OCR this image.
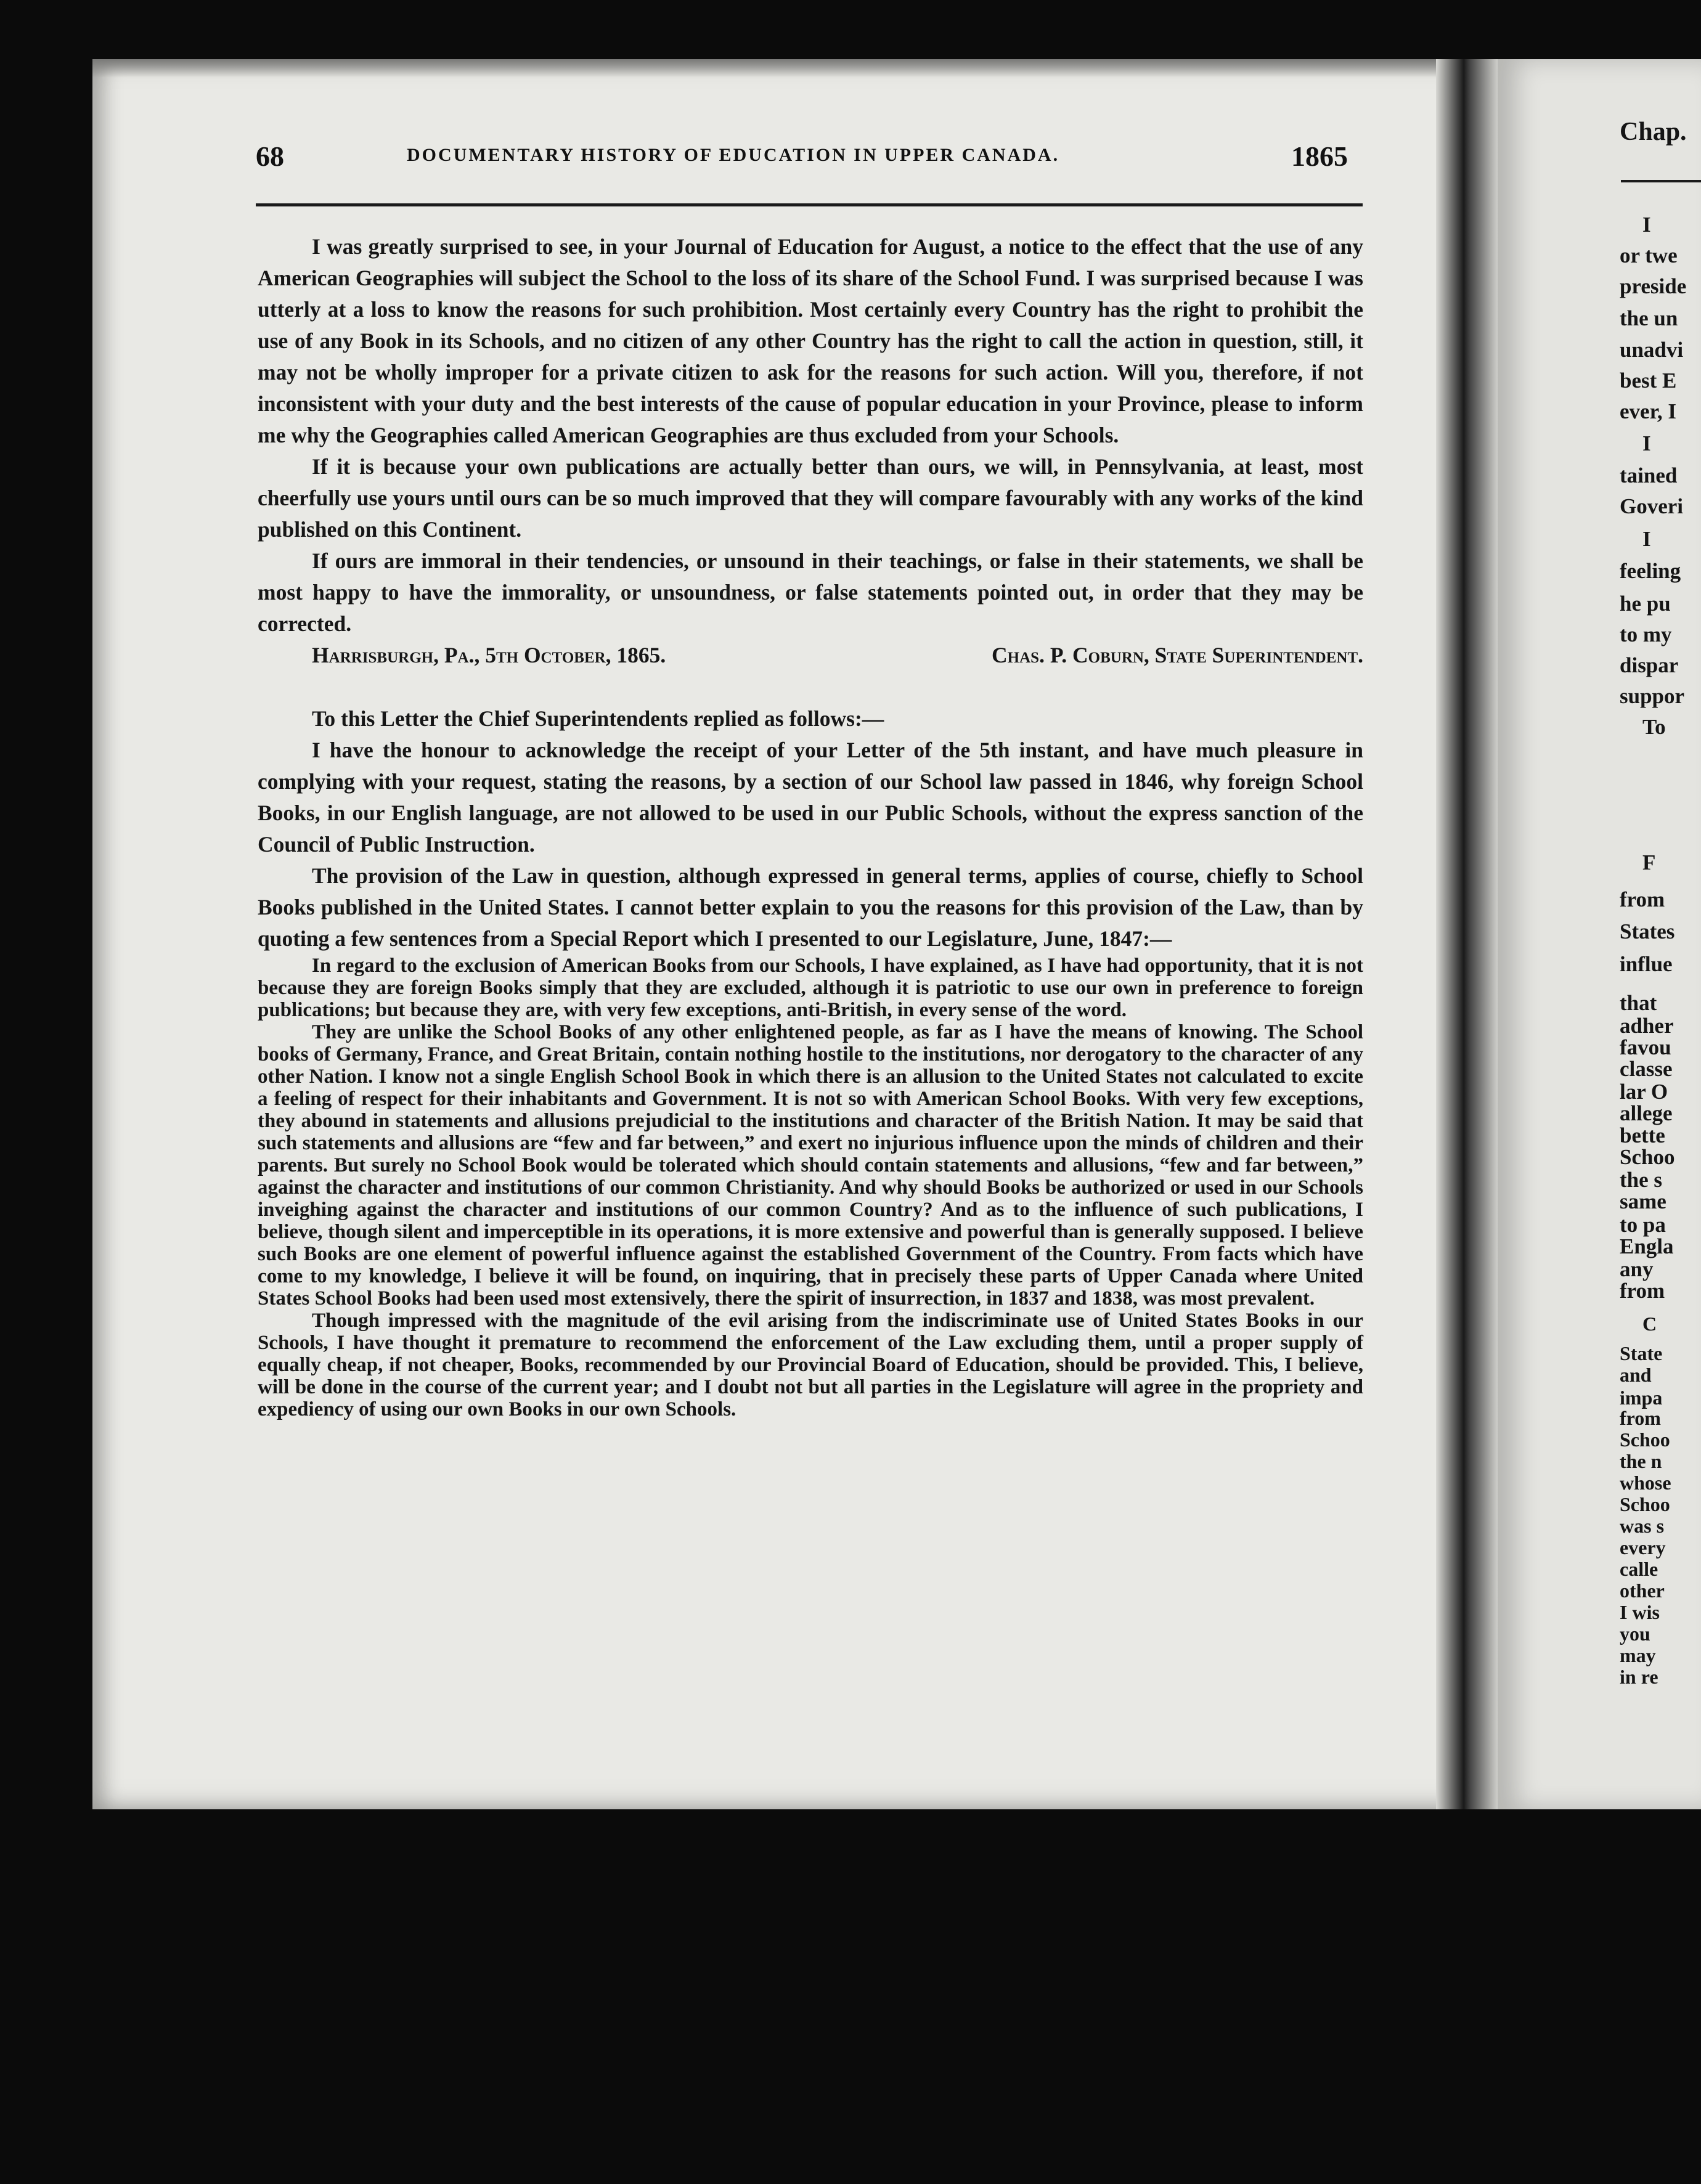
68	DOCUMENTARY HISTORY OF EDUCATION IN UPPER CANADA.	1865

I was greatly surprised to see, in your Journal of Education for August, a notice to the effect that the use of any American Geographies will subject the School to the loss of its share of the School Fund. I was surprised because I was utterly at a loss to know the reasons for such prohibition. Most certainly every Country has the right to prohibit the use of any Book in its Schools, and no citizen of any other Country has the right to call the action in question, still, it may not be wholly improper for a private citizen to ask for the reasons for such action. Will you, therefore, if not inconsistent with your duty and the best interests of the cause of popular education in your Province, please to inform me why the Geographies called American Geographies are thus excluded from your Schools.

If it is because your own publications are actually better than ours, we will, in Pennsylvania, at least, most cheerfully use yours until ours can be so much improved that they will compare favourably with any works of the kind published on this Continent.

If ours are immoral in their tendencies, or unsound in their teachings, or false in their statements, we shall be most happy to have the immorality, or unsoundness, or false statements pointed out, in order that they may be corrected.

Harrisburgh, Pa., 5th October, 1865.	Chas. P. Coburn, State Superintendent.

To this Letter the Chief Superintendents replied as follows:—

I have the honour to acknowledge the receipt of your Letter of the 5th instant, and have much pleasure in complying with your request, stating the reasons, by a section of our School law passed in 1846, why foreign School Books, in our English language, are not allowed to be used in our Public Schools, without the express sanction of the Council of Public Instruction.

The provision of the Law in question, although expressed in general terms, applies of course, chiefly to School Books published in the United States. I cannot better explain to you the reasons for this provision of the Law, than by quoting a few sentences from a Special Report which I presented to our Legislature, June, 1847:—

In regard to the exclusion of American Books from our Schools, I have explained, as I have had opportunity, that it is not because they are foreign Books simply that they are excluded, although it is patriotic to use our own in preference to foreign publications; but because they are, with very few exceptions, anti-British, in every sense of the word.

They are unlike the School Books of any other enlightened people, as far as I have the means of knowing. The School books of Germany, France, and Great Britain, contain nothing hostile to the institutions, nor derogatory to the character of any other Nation. I know not a single English School Book in which there is an allusion to the United States not calculated to excite a feeling of respect for their inhabitants and Government. It is not so with American School Books. With very few exceptions, they abound in statements and allusions prejudicial to the institutions and character of the British Nation. It may be said that such statements and allusions are “few and far between,” and exert no injurious influence upon the minds of children and their parents. But surely no School Book would be tolerated which should contain statements and allusions, “few and far between,” against the character and institutions of our common Christianity. And why should Books be authorized or used in our Schools inveighing against the character and institutions of our common Country? And as to the influence of such publications, I believe, though silent and imperceptible in its operations, it is more extensive and powerful than is generally supposed. I believe such Books are one element of powerful influence against the established Government of the Country. From facts which have come to my knowledge, I believe it will be found, on inquiring, that in precisely these parts of Upper Canada where United States School Books had been used most extensively, there the spirit of insurrection, in 1837 and 1838, was most prevalent.

Though impressed with the magnitude of the evil arising from the indiscriminate use of United States Books in our Schools, I have thought it premature to recommend the enforcement of the Law excluding them, until a proper supply of equally cheap, if not cheaper, Books, recommended by our Provincial Board of Education, should be provided. This, I believe, will be done in the course of the current year; and I doubt not but all parties in the Legislature will agree in the propriety and expediency of using our own Books in our own Schools.

Chap.
I
or twe
preside
the un
unadvi
best E
ever, I
I
tained
Goveri
I
feeling
he pu
to my
dispar
suppor
To
F
from
States
influe
that
adher
favou
classe
lar O
allege
bette
Schoo
the s
same
to pa
Engla
any
from
C
State
and
impa
from
Schoo
the n
whose
Schoo
was s
every
calle
other
I wis
you
may
in re
